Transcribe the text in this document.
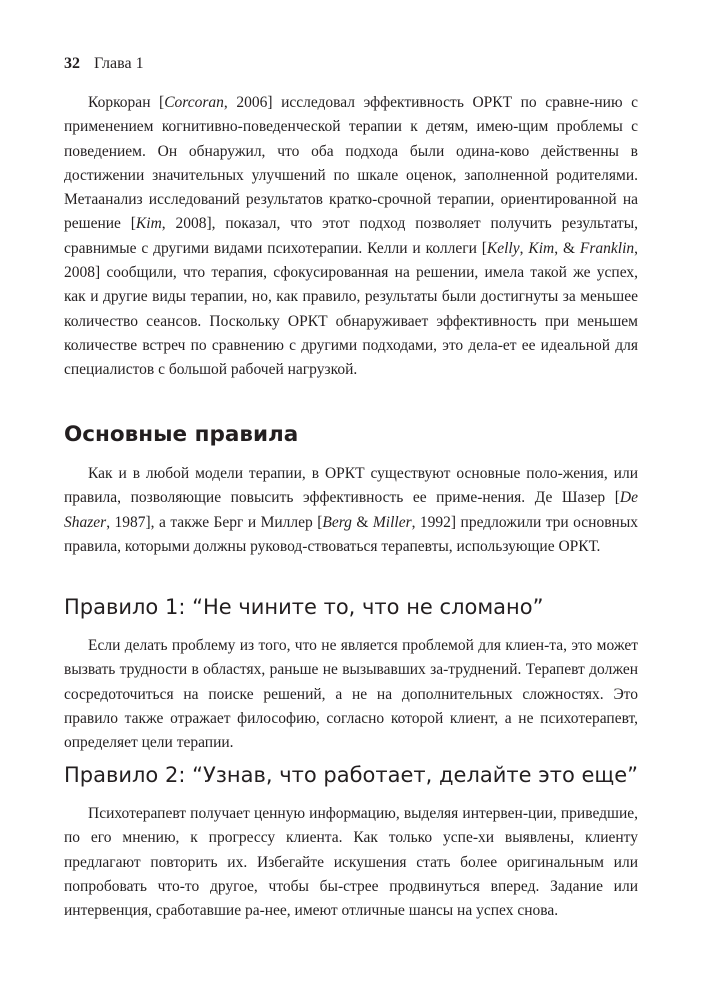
32 Глава 1

Коркоран [Corcoran, 2006] исследовал эффективность ОРКТ по сравне-нию с применением когнитивно-поведенческой терапии к детям, имею-щим проблемы с поведением. Он обнаружил, что оба подхода были одина-ково действенны в достижении значительных улучшений по шкале оценок, заполненной родителями. Метаанализ исследований результатов кратко-срочной терапии, ориентированной на решение [Kim, 2008], показал, что этот подход позволяет получить результаты, сравнимые с другими видами психотерапии. Келли и коллеги [Kelly, Kim, & Franklin, 2008] сообщили, что терапия, сфокусированная на решении, имела такой же успех, как и другие виды терапии, но, как правило, результаты были достигнуты за меньшее количество сеансов. Поскольку ОРКТ обнаруживает эффективность при меньшем количестве встреч по сравнению с другими подходами, это дела-ет ее идеальной для специалистов с большой рабочей нагрузкой.

Основные правила

Как и в любой модели терапии, в ОРКТ существуют основные поло-жения, или правила, позволяющие повысить эффективность ее приме-нения. Де Шазер [De Shazer, 1987], а также Берг и Миллер [Berg & Miller, 1992] предложили три основных правила, которыми должны руковод-ствоваться терапевты, использующие ОРКТ.

Правило 1: “Не чините то, что не сломано”

Если делать проблему из того, что не является проблемой для клиен-та, это может вызвать трудности в областях, раньше не вызывавших за-труднений. Терапевт должен сосредоточиться на поиске решений, а не на дополнительных сложностях. Это правило также отражает философию, согласно которой клиент, а не психотерапевт, определяет цели терапии.

Правило 2: “Узнав, что работает, делайте это еще”

Психотерапевт получает ценную информацию, выделяя интервен-ции, приведшие, по его мнению, к прогрессу клиента. Как только успе-хи выявлены, клиенту предлагают повторить их. Избегайте искушения стать более оригинальным или попробовать что-то другое, чтобы бы-стрее продвинуться вперед. Задание или интервенция, сработавшие ра-нее, имеют отличные шансы на успех снова.
